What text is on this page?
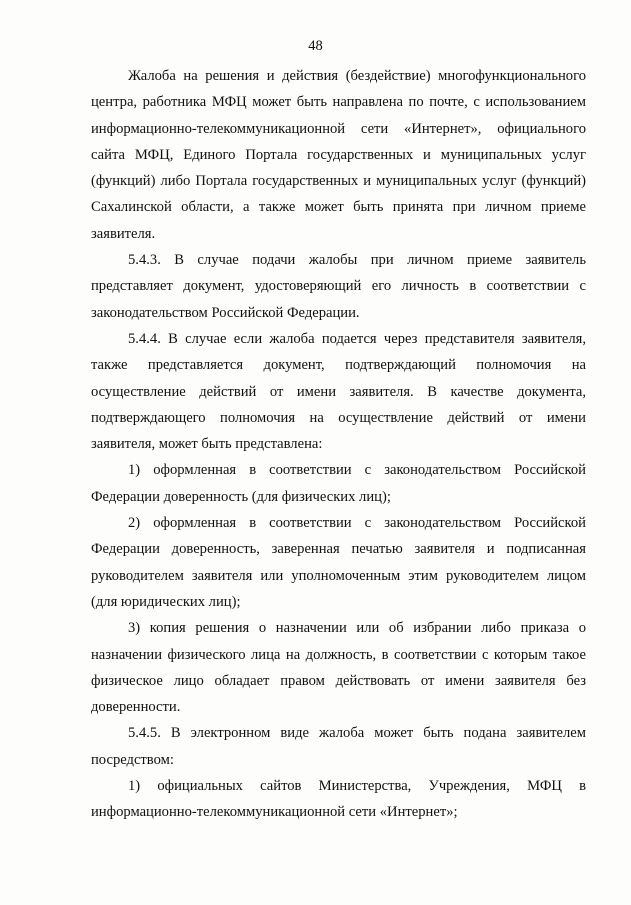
48

Жалоба на решения и действия (бездействие) многофункционального центра, работника МФЦ может быть направлена по почте, с использованием информационно-телекоммуникационной сети «Интернет», официального сайта МФЦ, Единого Портала государственных и муниципальных услуг (функций) либо Портала государственных и муниципальных услуг (функций) Сахалинской области, а также может быть принята при личном приеме заявителя.

5.4.3. В случае подачи жалобы при личном приеме заявитель представляет документ, удостоверяющий его личность в соответствии с законодательством Российской Федерации.

5.4.4. В случае если жалоба подается через представителя заявителя, также представляется документ, подтверждающий полномочия на осуществление действий от имени заявителя. В качестве документа, подтверждающего полномочия на осуществление действий от имени заявителя, может быть представлена:

1) оформленная в соответствии с законодательством Российской Федерации доверенность (для физических лиц);

2) оформленная в соответствии с законодательством Российской Федерации доверенность, заверенная печатью заявителя и подписанная руководителем заявителя или уполномоченным этим руководителем лицом (для юридических лиц);

3) копия решения о назначении или об избрании либо приказа о назначении физического лица на должность, в соответствии с которым такое физическое лицо обладает правом действовать от имени заявителя без доверенности.

5.4.5. В электронном виде жалоба может быть подана заявителем посредством:

1) официальных сайтов Министерства, Учреждения, МФЦ в информационно-телекоммуникационной сети «Интернет»;
